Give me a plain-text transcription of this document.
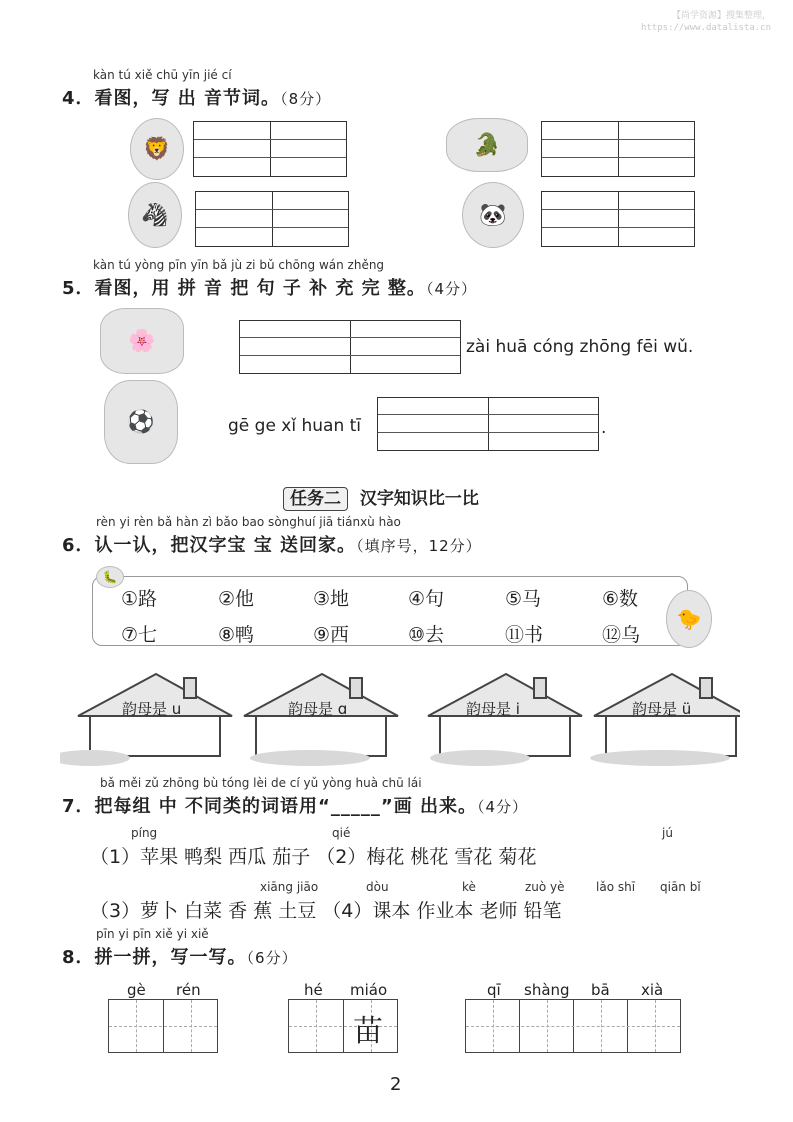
【尚学资源】搜集整理，
https://www.datalista.cn
kàn tú xiě chū yīn jié cí
4．看图，写 出 音节词。（8分）
🦁	🐊
🦓	🐼
kàn tú yòng pīn yīn bǎ jù zi bǔ chōng wán zhěng
5．看图，用 拼 音 把 句 子 补 充 完 整。（4分）
🌸	zài huā cóng zhōng fēi wǔ.
⚽	gē ge xǐ huan tī	.
任务二 汉字知识比一比
rèn yi rèn bǎ hàn zì bǎo bao sònghuí jiā tiánxù hào
6．认一认，把汉字宝 宝 送回家。（填序号，12分）
🐛
🐤
①路	②他	③地	④句	⑤马	⑥数
⑦七	⑧鸭	⑨西	⑩去	⑪书	⑫乌
韵母是 u	韵母是 ɑ	韵母是 i	韵母是 ü
bǎ měi zǔ zhōng bù tóng lèi de cí yǔ yòng huà chū lái
7．把每组 中 不同类的词语用“_____”画 出来。（4分）
píng	qié	jú
（1）苹果 鸭梨 西瓜 茄子 （2）梅花 桃花 雪花 菊花
xiāng jiāo	dòu	kè	zuò yè	lǎo shī qiān bǐ
（3）萝卜 白菜 香 蕉 土豆 （4）课本 作业本 老师 铅笔
pīn yi pīn xiě yi xiě
8．拼一拼，写一写。（6分）
gè rén	hé miáo
苗
qī shàng bā xià
2
